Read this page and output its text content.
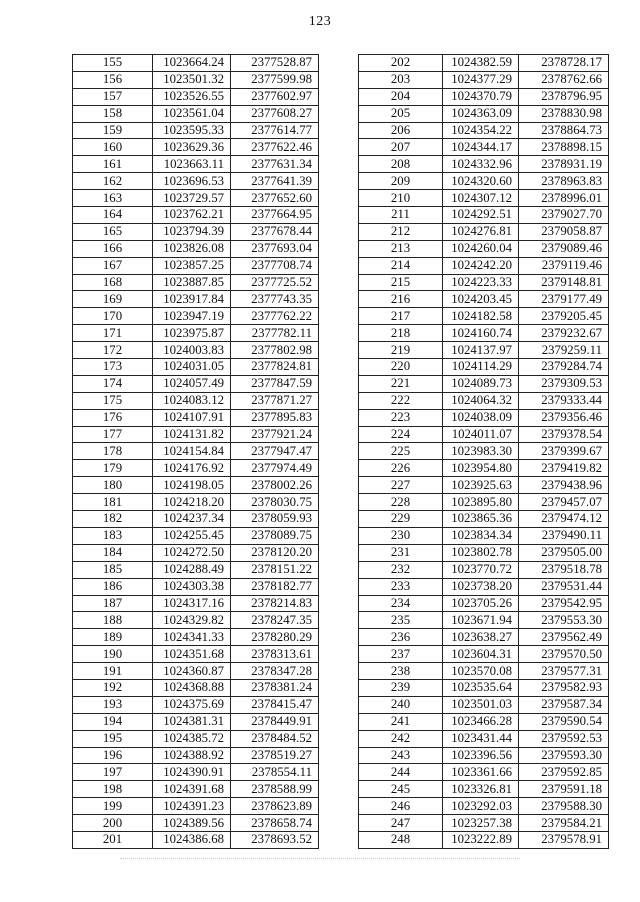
123
155	1023664.24	2377528.87
156	1023501.32	2377599.98
157	1023526.55	2377602.97
158	1023561.04	2377608.27
159	1023595.33	2377614.77
160	1023629.36	2377622.46
161	1023663.11	2377631.34
162	1023696.53	2377641.39
163	1023729.57	2377652.60
164	1023762.21	2377664.95
165	1023794.39	2377678.44
166	1023826.08	2377693.04
167	1023857.25	2377708.74
168	1023887.85	2377725.52
169	1023917.84	2377743.35
170	1023947.19	2377762.22
171	1023975.87	2377782.11
172	1024003.83	2377802.98
173	1024031.05	2377824.81
174	1024057.49	2377847.59
175	1024083.12	2377871.27
176	1024107.91	2377895.83
177	1024131.82	2377921.24
178	1024154.84	2377947.47
179	1024176.92	2377974.49
180	1024198.05	2378002.26
181	1024218.20	2378030.75
182	1024237.34	2378059.93
183	1024255.45	2378089.75
184	1024272.50	2378120.20
185	1024288.49	2378151.22
186	1024303.38	2378182.77
187	1024317.16	2378214.83
188	1024329.82	2378247.35
189	1024341.33	2378280.29
190	1024351.68	2378313.61
191	1024360.87	2378347.28
192	1024368.88	2378381.24
193	1024375.69	2378415.47
194	1024381.31	2378449.91
195	1024385.72	2378484.52
196	1024388.92	2378519.27
197	1024390.91	2378554.11
198	1024391.68	2378588.99
199	1024391.23	2378623.89
200	1024389.56	2378658.74
201	1024386.68	2378693.52
202	1024382.59	2378728.17
203	1024377.29	2378762.66
204	1024370.79	2378796.95
205	1024363.09	2378830.98
206	1024354.22	2378864.73
207	1024344.17	2378898.15
208	1024332.96	2378931.19
209	1024320.60	2378963.83
210	1024307.12	2378996.01
211	1024292.51	2379027.70
212	1024276.81	2379058.87
213	1024260.04	2379089.46
214	1024242.20	2379119.46
215	1024223.33	2379148.81
216	1024203.45	2379177.49
217	1024182.58	2379205.45
218	1024160.74	2379232.67
219	1024137.97	2379259.11
220	1024114.29	2379284.74
221	1024089.73	2379309.53
222	1024064.32	2379333.44
223	1024038.09	2379356.46
224	1024011.07	2379378.54
225	1023983.30	2379399.67
226	1023954.80	2379419.82
227	1023925.63	2379438.96
228	1023895.80	2379457.07
229	1023865.36	2379474.12
230	1023834.34	2379490.11
231	1023802.78	2379505.00
232	1023770.72	2379518.78
233	1023738.20	2379531.44
234	1023705.26	2379542.95
235	1023671.94	2379553.30
236	1023638.27	2379562.49
237	1023604.31	2379570.50
238	1023570.08	2379577.31
239	1023535.64	2379582.93
240	1023501.03	2379587.34
241	1023466.28	2379590.54
242	1023431.44	2379592.53
243	1023396.56	2379593.30
244	1023361.66	2379592.85
245	1023326.81	2379591.18
246	1023292.03	2379588.30
247	1023257.38	2379584.21
248	1023222.89	2379578.91
